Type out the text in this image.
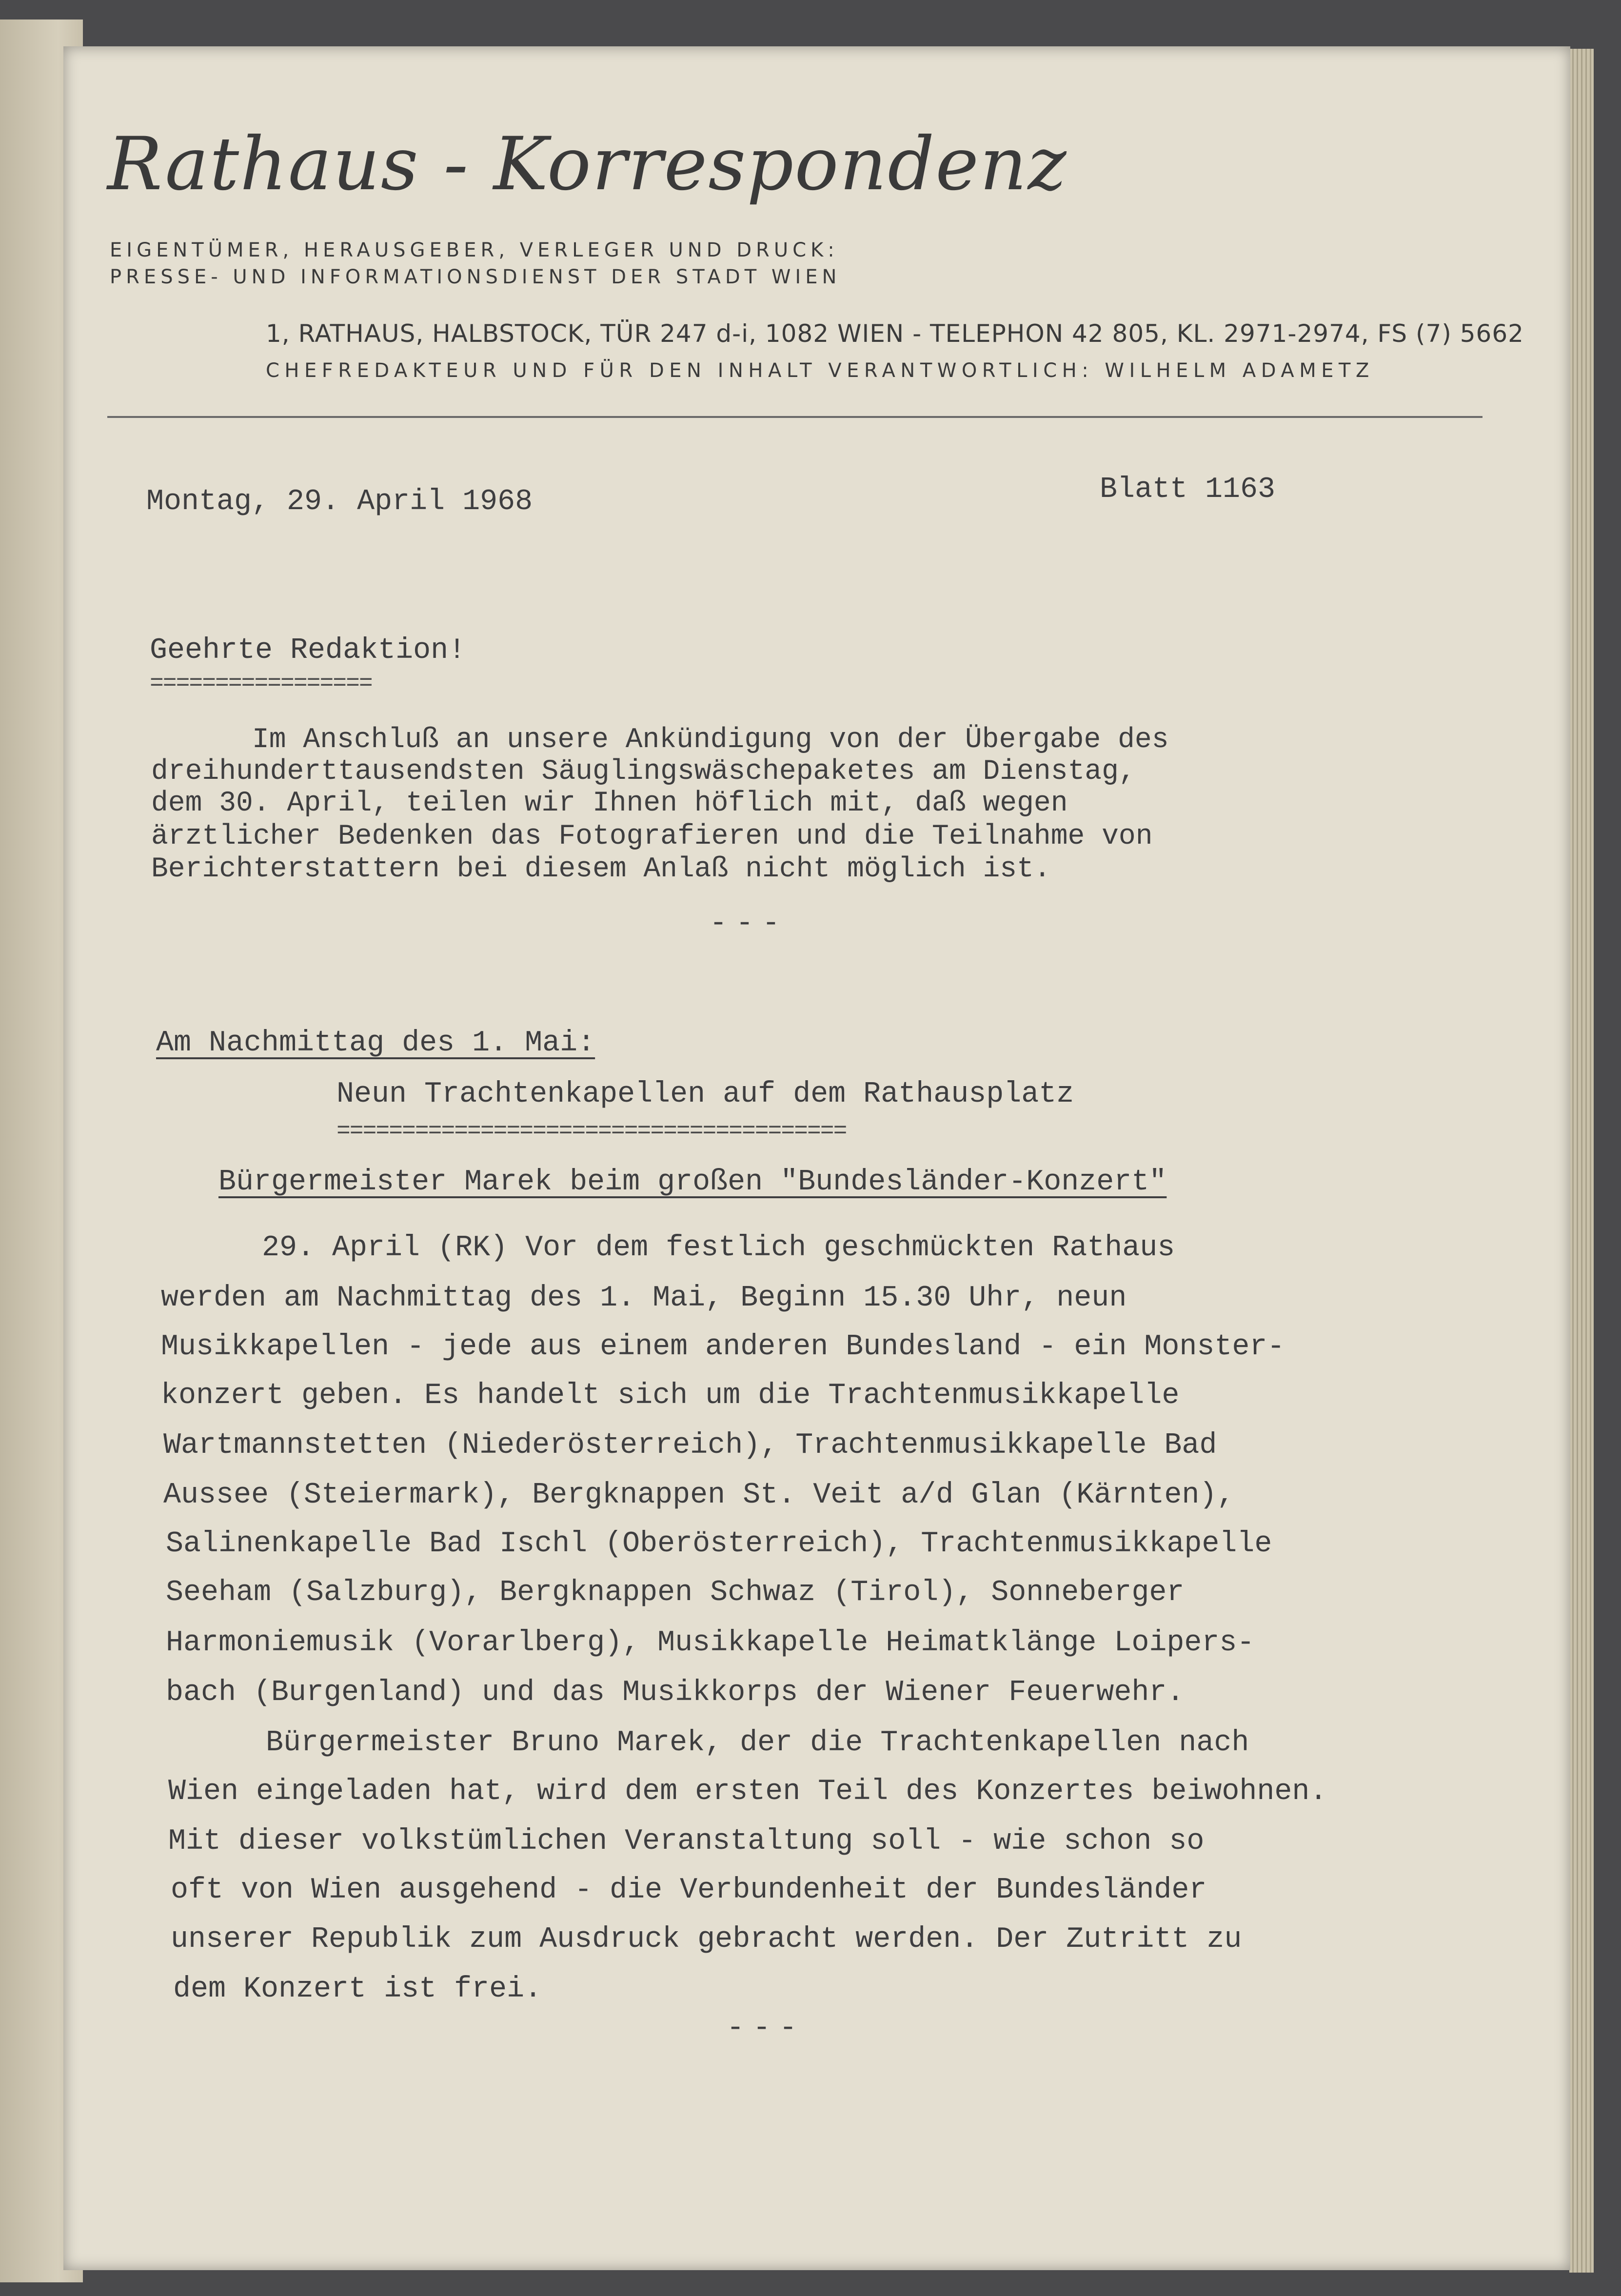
Rathaus - Korrespondenz
EIGENTÜMER, HERAUSGEBER, VERLEGER UND DRUCK:
PRESSE- UND INFORMATIONSDIENST DER STADT WIEN
1, RATHAUS, HALBSTOCK, TÜR 247 d-i, 1082 WIEN - TELEPHON 42 805, KL. 2971-2974, FS (7) 5662
CHEFREDAKTEUR UND FÜR DEN INHALT VERANTWORTLICH: WILHELM ADAMETZ
Montag, 29. April 1968	Blatt 1163
Geehrte Redaktion!
=================
Im Anschluß an unsere Ankündigung von der Übergabe des
dreihunderttausendsten Säuglingswäschepaketes am Dienstag,
dem 30. April, teilen wir Ihnen höflich mit, daß wegen
ärztlicher Bedenken das Fotografieren und die Teilnahme von
Berichterstattern bei diesem Anlaß nicht möglich ist.
---
Am Nachmittag des 1. Mai:
Neun Trachtenkapellen auf dem Rathausplatz
=======================================
Bürgermeister Marek beim großen "Bundesländer-Konzert"
29. April (RK) Vor dem festlich geschmückten Rathaus
werden am Nachmittag des 1. Mai, Beginn 15.30 Uhr, neun
Musikkapellen - jede aus einem anderen Bundesland - ein Monster-
konzert geben. Es handelt sich um die Trachtenmusikkapelle
Wartmannstetten (Niederösterreich), Trachtenmusikkapelle Bad
Aussee (Steiermark), Bergknappen St. Veit a/d Glan (Kärnten),
Salinenkapelle Bad Ischl (Oberösterreich), Trachtenmusikkapelle
Seeham (Salzburg), Bergknappen Schwaz (Tirol), Sonneberger
Harmoniemusik (Vorarlberg), Musikkapelle Heimatklänge Loipers-
bach (Burgenland) und das Musikkorps der Wiener Feuerwehr.
Bürgermeister Bruno Marek, der die Trachtenkapellen nach
Wien eingeladen hat, wird dem ersten Teil des Konzertes beiwohnen.
Mit dieser volkstümlichen Veranstaltung soll - wie schon so
oft von Wien ausgehend - die Verbundenheit der Bundesländer
unserer Republik zum Ausdruck gebracht werden. Der Zutritt zu
dem Konzert ist frei.
---
